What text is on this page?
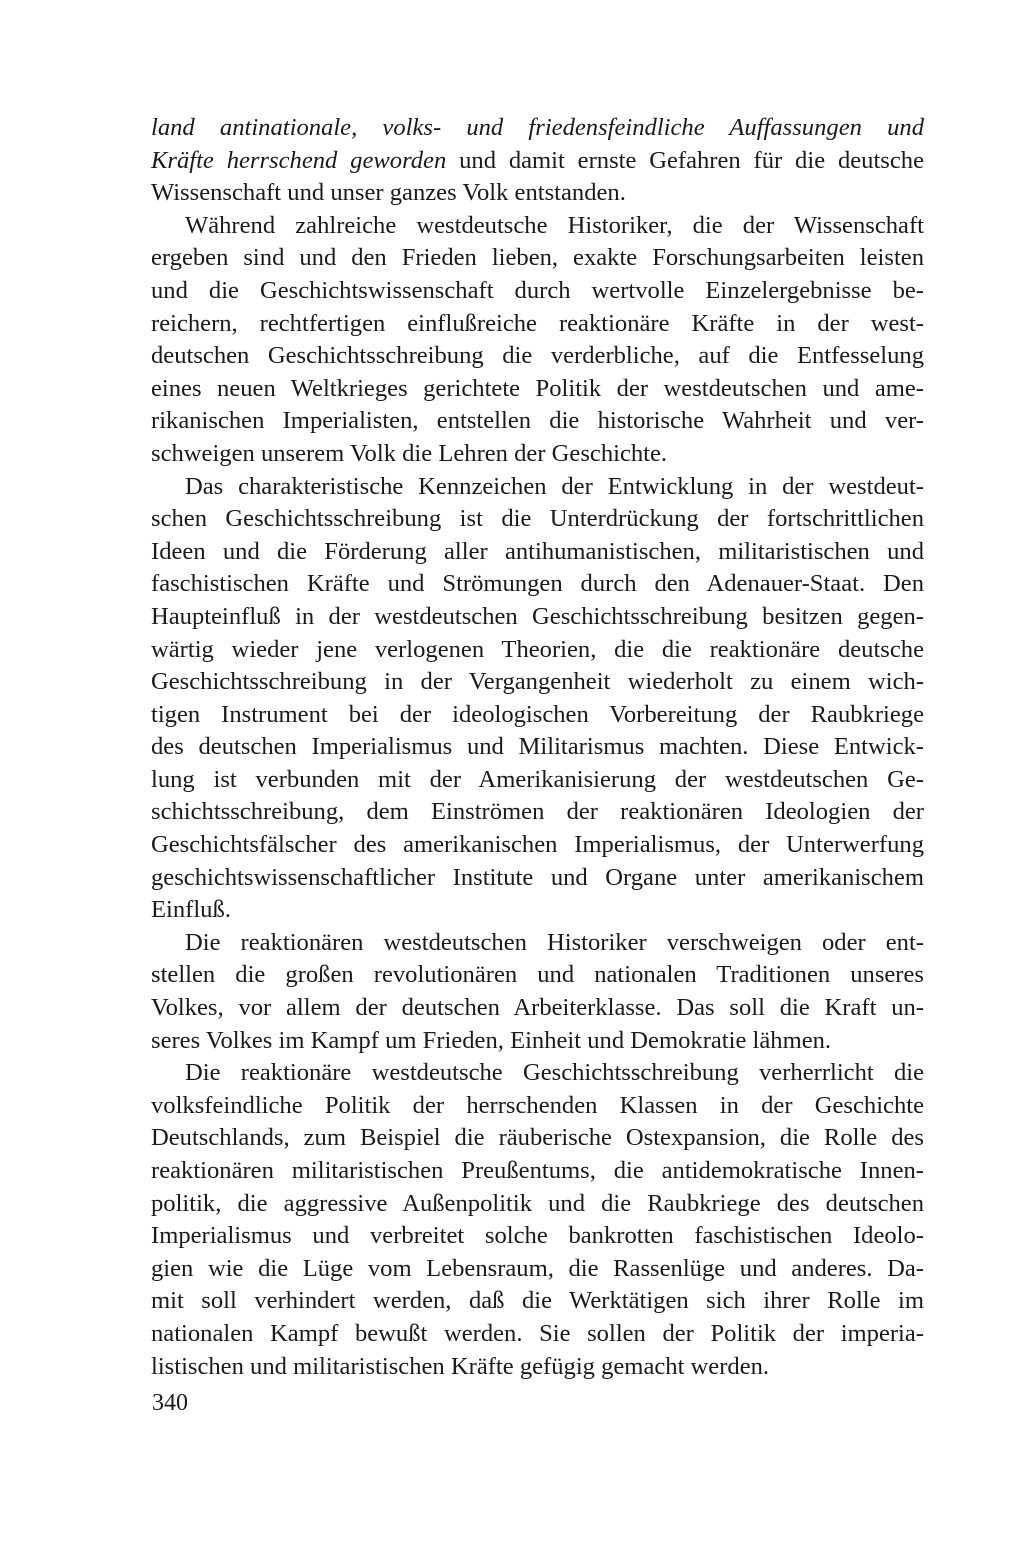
land antinationale, volks- und friedensfeindliche Auffassungen und
Kräfte herrschend geworden und damit ernste Gefahren für die deutsche
Wissenschaft und unser ganzes Volk entstanden.
Während zahlreiche westdeutsche Historiker, die der Wissenschaft
ergeben sind und den Frieden lieben, exakte Forschungsarbeiten leisten
und die Geschichtswissenschaft durch wertvolle Einzelergebnisse be-
reichern, rechtfertigen einflußreiche reaktionäre Kräfte in der west-
deutschen Geschichtsschreibung die verderbliche, auf die Entfesselung
eines neuen Weltkrieges gerichtete Politik der westdeutschen und ame-
rikanischen Imperialisten, entstellen die historische Wahrheit und ver-
schweigen unserem Volk die Lehren der Geschichte.
Das charakteristische Kennzeichen der Entwicklung in der westdeut-
schen Geschichtsschreibung ist die Unterdrückung der fortschrittlichen
Ideen und die Förderung aller antihumanistischen, militaristischen und
faschistischen Kräfte und Strömungen durch den Adenauer-Staat. Den
Haupteinfluß in der westdeutschen Geschichtsschreibung besitzen gegen-
wärtig wieder jene verlogenen Theorien, die die reaktionäre deutsche
Geschichtsschreibung in der Vergangenheit wiederholt zu einem wich-
tigen Instrument bei der ideologischen Vorbereitung der Raubkriege
des deutschen Imperialismus und Militarismus machten. Diese Entwick-
lung ist verbunden mit der Amerikanisierung der westdeutschen Ge-
schichtsschreibung, dem Einströmen der reaktionären Ideologien der
Geschichtsfälscher des amerikanischen Imperialismus, der Unterwerfung
geschichtswissenschaftlicher Institute und Organe unter amerikanischem
Einfluß.
Die reaktionären westdeutschen Historiker verschweigen oder ent-
stellen die großen revolutionären und nationalen Traditionen unseres
Volkes, vor allem der deutschen Arbeiterklasse. Das soll die Kraft un-
seres Volkes im Kampf um Frieden, Einheit und Demokratie lähmen.
Die reaktionäre westdeutsche Geschichtsschreibung verherrlicht die
volksfeindliche Politik der herrschenden Klassen in der Geschichte
Deutschlands, zum Beispiel die räuberische Ostexpansion, die Rolle des
reaktionären militaristischen Preußentums, die antidemokratische Innen-
politik, die aggressive Außenpolitik und die Raubkriege des deutschen
Imperialismus und verbreitet solche bankrotten faschistischen Ideolo-
gien wie die Lüge vom Lebensraum, die Rassenlüge und anderes. Da-
mit soll verhindert werden, daß die Werktätigen sich ihrer Rolle im
nationalen Kampf bewußt werden. Sie sollen der Politik der imperia-
listischen und militaristischen Kräfte gefügig gemacht werden.
340
